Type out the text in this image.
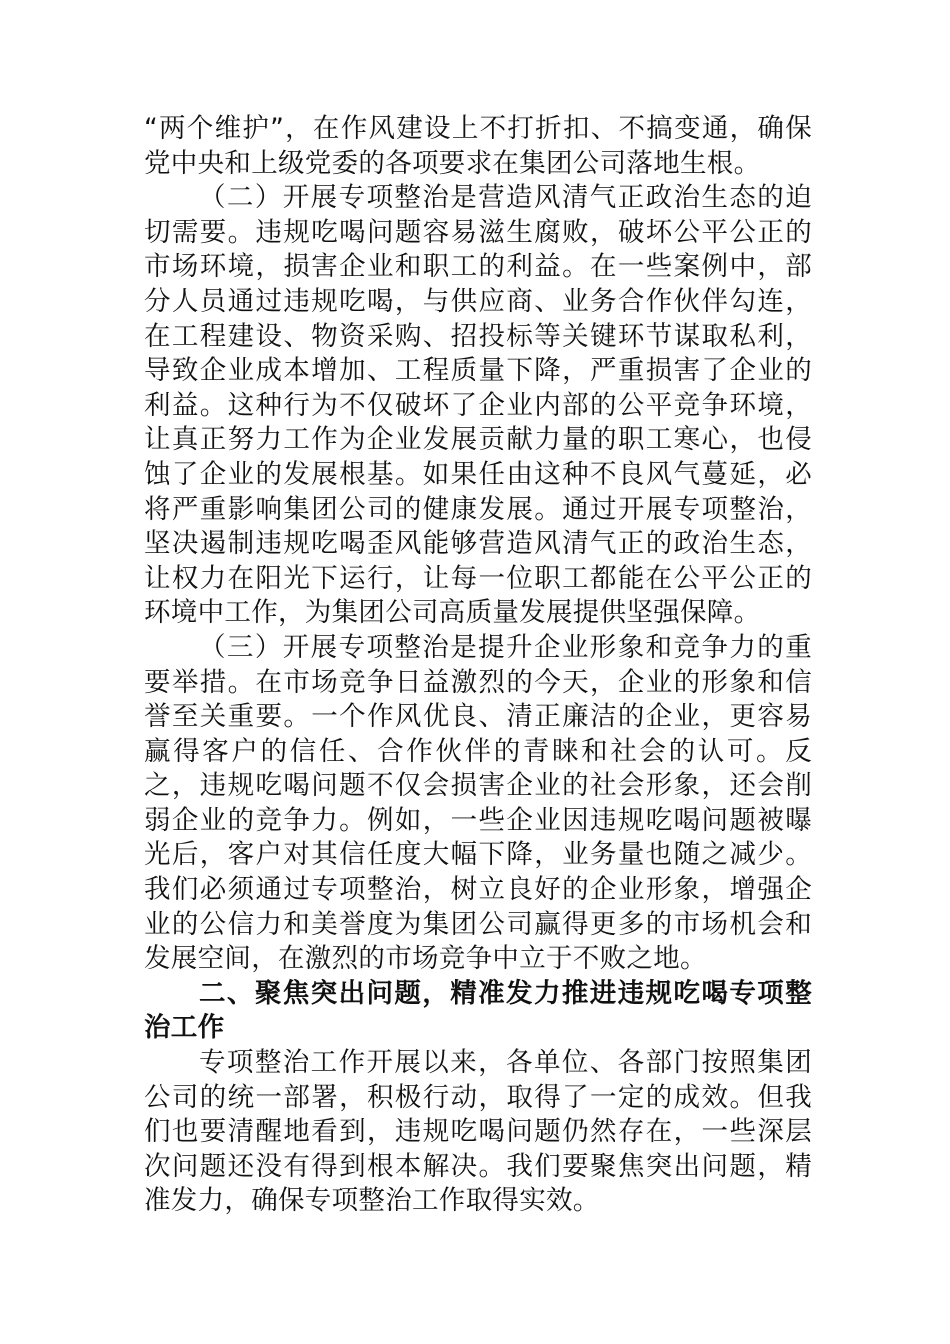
“两个维护”，在作风建设上不打折扣、不搞变通，确保党中央和上级党委的各项要求在集团公司落地生根。

（二）开展专项整治是营造风清气正政治生态的迫切需要。违规吃喝问题容易滋生腐败，破坏公平公正的市场环境，损害企业和职工的利益。在一些案例中，部分人员通过违规吃喝，与供应商、业务合作伙伴勾连，在工程建设、物资采购、招投标等关键环节谋取私利，导致企业成本增加、工程质量下降，严重损害了企业的利益。这种行为不仅破坏了企业内部的公平竞争环境，让真正努力工作为企业发展贡献力量的职工寒心，也侵蚀了企业的发展根基。如果任由这种不良风气蔓延，必将严重影响集团公司的健康发展。通过开展专项整治，坚决遏制违规吃喝歪风能够营造风清气正的政治生态，让权力在阳光下运行，让每一位职工都能在公平公正的环境中工作，为集团公司高质量发展提供坚强保障。

（三）开展专项整治是提升企业形象和竞争力的重要举措。在市场竞争日益激烈的今天，企业的形象和信誉至关重要。一个作风优良、清正廉洁的企业，更容易赢得客户的信任、合作伙伴的青睐和社会的认可。反之，违规吃喝问题不仅会损害企业的社会形象，还会削弱企业的竞争力。例如，一些企业因违规吃喝问题被曝光后，客户对其信任度大幅下降，业务量也随之减少。我们必须通过专项整治，树立良好的企业形象，增强企业的公信力和美誉度为集团公司赢得更多的市场机会和发展空间，在激烈的市场竞争中立于不败之地。

二、聚焦突出问题，精准发力推进违规吃喝专项整治工作

专项整治工作开展以来，各单位、各部门按照集团公司的统一部署，积极行动，取得了一定的成效。但我们也要清醒地看到，违规吃喝问题仍然存在，一些深层次问题还没有得到根本解决。我们要聚焦突出问题，精准发力，确保专项整治工作取得实效。
